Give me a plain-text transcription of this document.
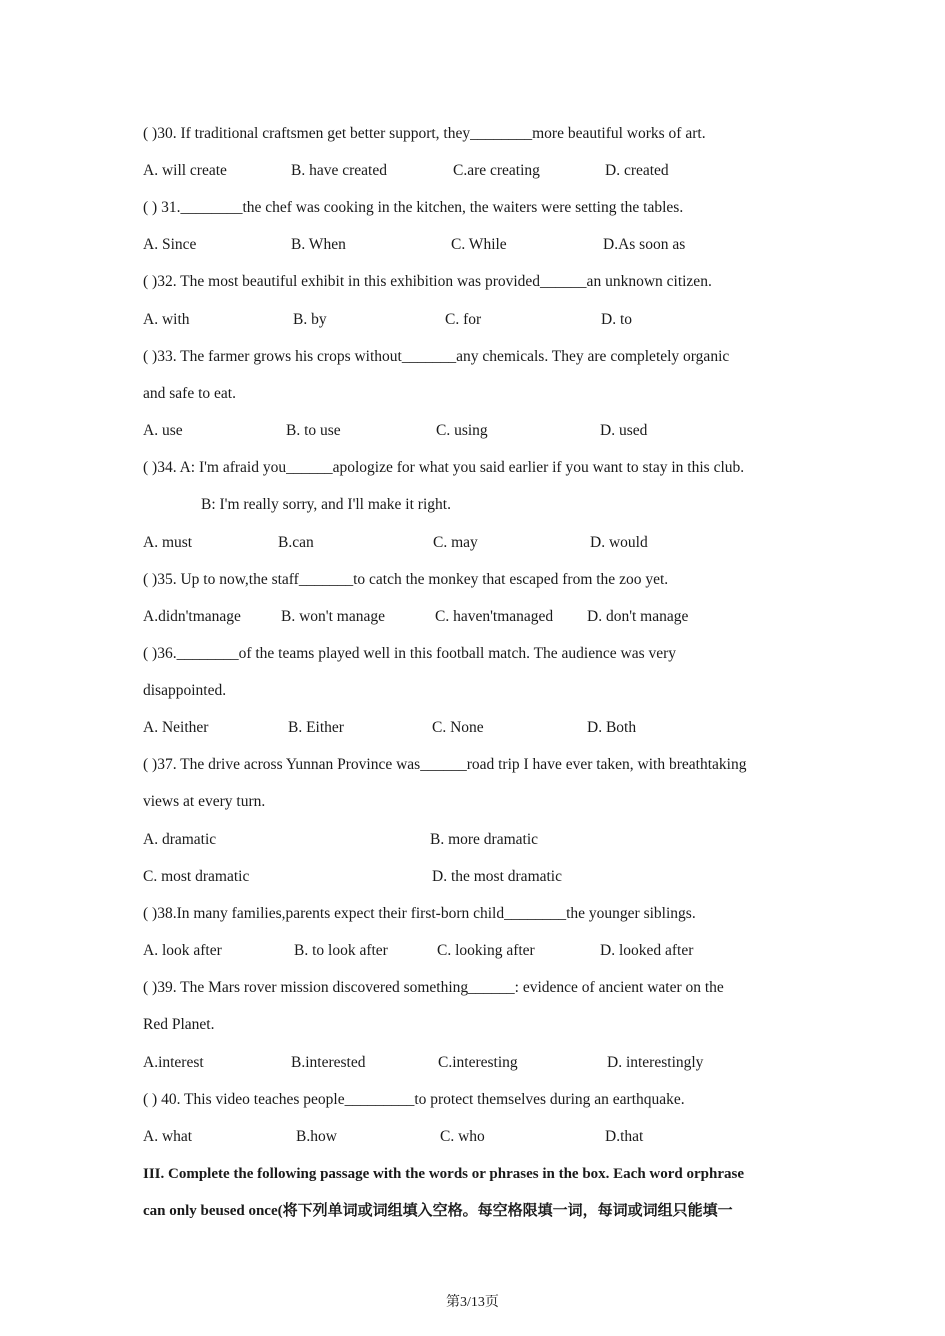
( )30. If traditional craftsmen get better support, they________more beautiful works of art.
A. will create	B. have created	C.are creating	D. created
( ) 31.________the chef was cooking in the kitchen, the waiters were setting the tables.
A. Since	B. When	C. While	D.As soon as
( )32. The most beautiful exhibit in this exhibition was provided______an unknown citizen.
A. with	B. by	C. for	D. to
( )33. The farmer grows his crops without_______any chemicals. They are completely organic
and safe to eat.
A. use	B. to use	C. using	D. used
( )34. A: I'm afraid you______apologize for what you said earlier if you want to stay in this club.
B: I'm really sorry, and I'll make it right.
A. must	B.can	C. may	D. would
( )35. Up to now,the staff_______to catch the monkey that escaped from the zoo yet.
A.didn'tmanage	B. won't manage	C. haven'tmanaged D. don't manage
( )36.________of the teams played well in this football match. The audience was very
disappointed.
A. Neither	B. Either	C. None	D. Both
( )37. The drive across Yunnan Province was______road trip I have ever taken, with breathtaking
views at every turn.
A. dramatic	B. more dramatic
C. most dramatic	D. the most dramatic
( )38.In many families,parents expect their first-born child________the younger siblings.
A. look after	B. to look after	C. looking after	D. looked after
( )39. The Mars rover mission discovered something______: evidence of ancient water on the
Red Planet.
A.interest	B.interested	C.interesting	D. interestingly
( ) 40. This video teaches people_________to protect themselves during an earthquake.
A. what	B.how	C. who	D.that
III. Complete the following passage with the words or phrases in the box. Each word orphrase
can only beused once(将下列单词或词组填入空格。每空格限填一词，每词或词组只能填一
第3/13页
